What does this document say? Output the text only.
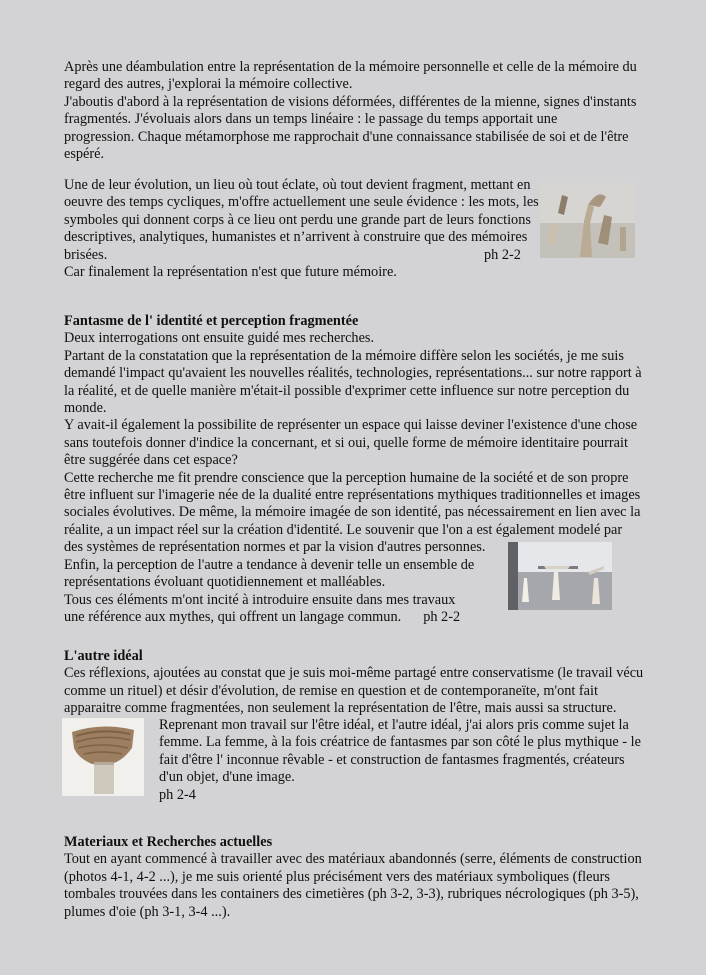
Après une déambulation entre la représentation de la mémoire personnelle et celle de la mémoire du
regard des autres, j'explorai la mémoire collective.
J'aboutis d'abord à la représentation de visions déformées, différentes de la mienne, signes d'instants
fragmentés. J'évoluais alors dans un temps linéaire : le passage du temps apportait une
progression. Chaque métamorphose me rapprochait d'une connaissance stabilisée de soi et de l'être
espéré.
Une de leur évolution, un lieu où tout éclate, où tout devient fragment, mettant en
oeuvre des temps cycliques, m'offre actuellement une seule évidence : les mots, les
symboles qui donnent corps à ce lieu ont perdu une grande part de leurs fonctions
descriptives, analytiques, humanistes et n’arrivent à construire que des mémoires
brisées.	ph 2-2
Car finalement la représentation n'est que future mémoire.
Fantasme de l' identité et perception fragmentée
Deux interrogations ont ensuite guidé mes recherches.
Partant de la constatation que la représentation de la mémoire diffère selon les sociétés, je me suis
demandé l'impact qu'avaient les nouvelles réalités, technologies, représentations... sur notre rapport à
la réalité, et de quelle manière m'était-il possible d'exprimer cette influence sur notre perception du
monde.
Y avait-il également la possibilite de représenter un espace qui laisse deviner l'existence d'une chose
sans toutefois donner d'indice la concernant, et si oui, quelle forme de mémoire identitaire pourrait
être suggérée dans cet espace?
Cette recherche me fit prendre conscience que la perception humaine de la société et de son propre
être influent sur l'imagerie née de la dualité entre représentations mythiques traditionnelles et images
sociales évolutives. De même, la mémoire imagée de son identité, pas nécessairement en lien avec la
réalite, a un impact réel sur la création d'identité. Le souvenir que l'on a est également modelé par
des systèmes de représentation normes et par la vision d'autres personnes.
Enfin, la perception de l'autre a tendance à devenir telle un ensemble de
représentations évoluant quotidiennement et malléables.
Tous ces éléments m'ont incité à introduire ensuite dans mes travaux
une référence aux mythes, qui offrent un langage commun. ph 2-2
L'autre idéal
Ces réflexions, ajoutées au constat que je suis moi-même partagé entre conservatisme (le travail vécu
comme un rituel) et désir d'évolution, de remise en question et de contemporaneïte, m'ont fait
apparaitre comme fragmentées, non seulement la représentation de l'être, mais aussi sa structure.
Reprenant mon travail sur l'être idéal, et l'autre idéal, j'ai alors pris comme sujet la
femme. La femme, à la fois créatrice de fantasmes par son côté le plus mythique - le
fait d'être l' inconnue rêvable - et construction de fantasmes fragmentés, créateurs
d'un objet, d'une image.
ph 2-4
Materiaux et Recherches actuelles
Tout en ayant commencé à travailler avec des matériaux abandonnés (serre, éléments de construction
(photos 4-1, 4-2 ...), je me suis orienté plus précisément vers des matériaux symboliques (fleurs
tombales trouvées dans les containers des cimetières (ph 3-2, 3-3), rubriques nécrologiques (ph 3-5),
plumes d'oie (ph 3-1, 3-4 ...).
